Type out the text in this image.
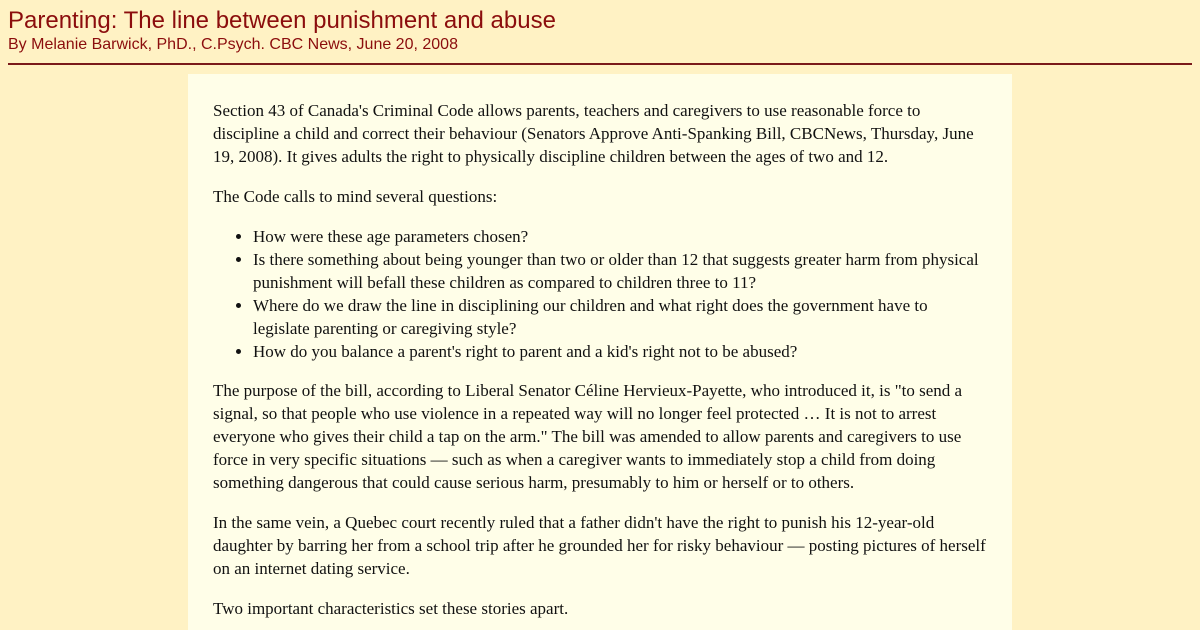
Parenting: The line between punishment and abuse
By Melanie Barwick, PhD., C.Psych. CBC News, June 20, 2008

Section 43 of Canada's Criminal Code allows parents, teachers and caregivers to use reasonable force to discipline a child and correct their behaviour (Senators Approve Anti-Spanking Bill, CBCNews, Thursday, June 19, 2008). It gives adults the right to physically discipline children between the ages of two and 12.

The Code calls to mind several questions:

• How were these age parameters chosen?
• Is there something about being younger than two or older than 12 that suggests greater harm from physical punishment will befall these children as compared to children three to 11?
• Where do we draw the line in disciplining our children and what right does the government have to legislate parenting or caregiving style?
• How do you balance a parent's right to parent and a kid's right not to be abused?

The purpose of the bill, according to Liberal Senator Céline Hervieux-Payette, who introduced it, is "to send a signal, so that people who use violence in a repeated way will no longer feel protected … It is not to arrest everyone who gives their child a tap on the arm." The bill was amended to allow parents and caregivers to use force in very specific situations — such as when a caregiver wants to immediately stop a child from doing something dangerous that could cause serious harm, presumably to him or herself or to others.

In the same vein, a Quebec court recently ruled that a father didn't have the right to punish his 12-year-old daughter by barring her from a school trip after he grounded her for risky behaviour — posting pictures of herself on an internet dating service.

Two important characteristics set these stories apart.
